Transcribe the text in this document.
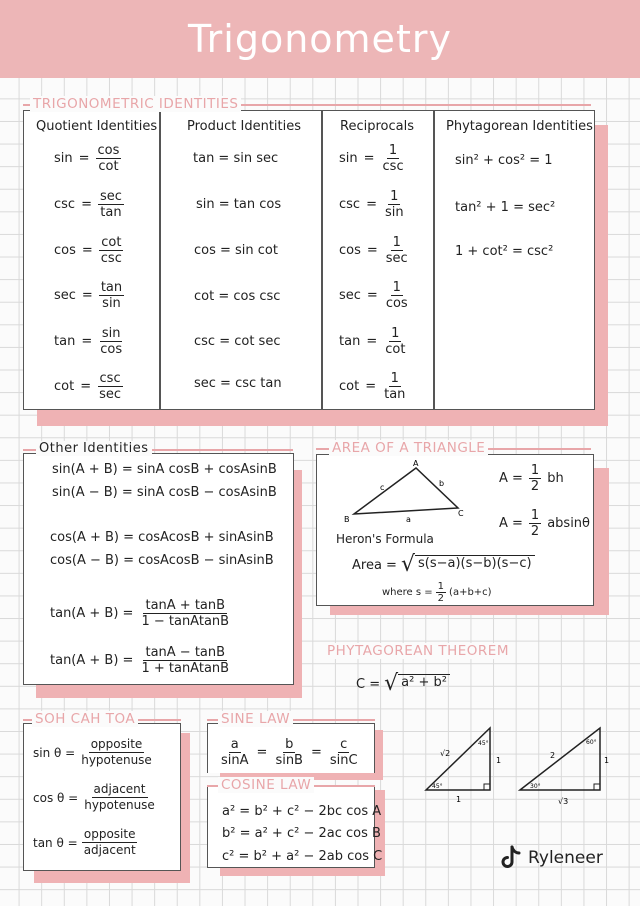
Trigonometry
TRIGONOMETRIC IDENTITIES
Quotient Identities Product Identities	Reciprocals Phytagorean Identities
$\sin = \frac{\cos}{\cot}$
$\csc = \frac{\sec}{\tan}$
$\cos = \frac{\cot}{\csc}$
$\sec = \frac{\tan}{\sin}$
$\tan = \frac{\sin}{\cos}$
$\cot = \frac{\csc}{\sec}$
tan = sin sec
sin = tan cos
cos = sin cot
cot = cos csc
csc = cot sec
sec = csc tan
$\sin = \frac{1}{\csc}$
$\csc = \frac{1}{\sin}$
$\cos = \frac{1}{\sec}$
$\sec = \frac{1}{\cos}$
$\tan = \frac{1}{\cot}$
$\cot = \frac{1}{\tan}$
sin² + cos² = 1
tan² + 1 = sec²
1 + cot² = csc²
Other Identities
sin(A + B) = sinA cosB + cosAsinB
sin(A − B) = sinA cosB − cosAsinB
cos(A + B) = cosAcosB + sinAsinB
cos(A − B) = cosAcosB − sinAsinB
$\tan(A + B) = \frac{\tan A + \tan B}{\text{1 − tanAtanB}}$
$\tan(A + B) = \frac{\tan A - \tan B}{\text{1 + tanAtanB}}$
AREA OF A TRIANGLE
A
B
C
c	b
a
$A = \frac{1}{2}$ bh
$A = \frac{1}{2}$ absinθ
Heron's Formula
Area = √ s(s−a)(s−b)(s−c)
where $s = \frac{1}{2} (a+b+c)$
PHYTAGOREAN THEOREM
C = √ a² + b²
SOH CAH TOA
$\sin \theta = \frac{\text{opposite}}{\text{hypotenuse}}$
$\cos \theta = \frac{\text{adjacent}}{\text{hypotenuse}}$
$\tan \theta = \frac{\text{opposite}}{\text{adjacent}}$
SINE LAW
$\frac{a}{\sin A} = \frac{b}{\sin B} = \frac{c}{\sin C}$
COSINE LAW
a² = b² + c² − 2bc cos A
b² = a² + c² − 2ac cos B
c² = b² + a² − 2ab cos C
√2
1
1
45°
45°
2
1
√3
60°
30°
Ryleneer
